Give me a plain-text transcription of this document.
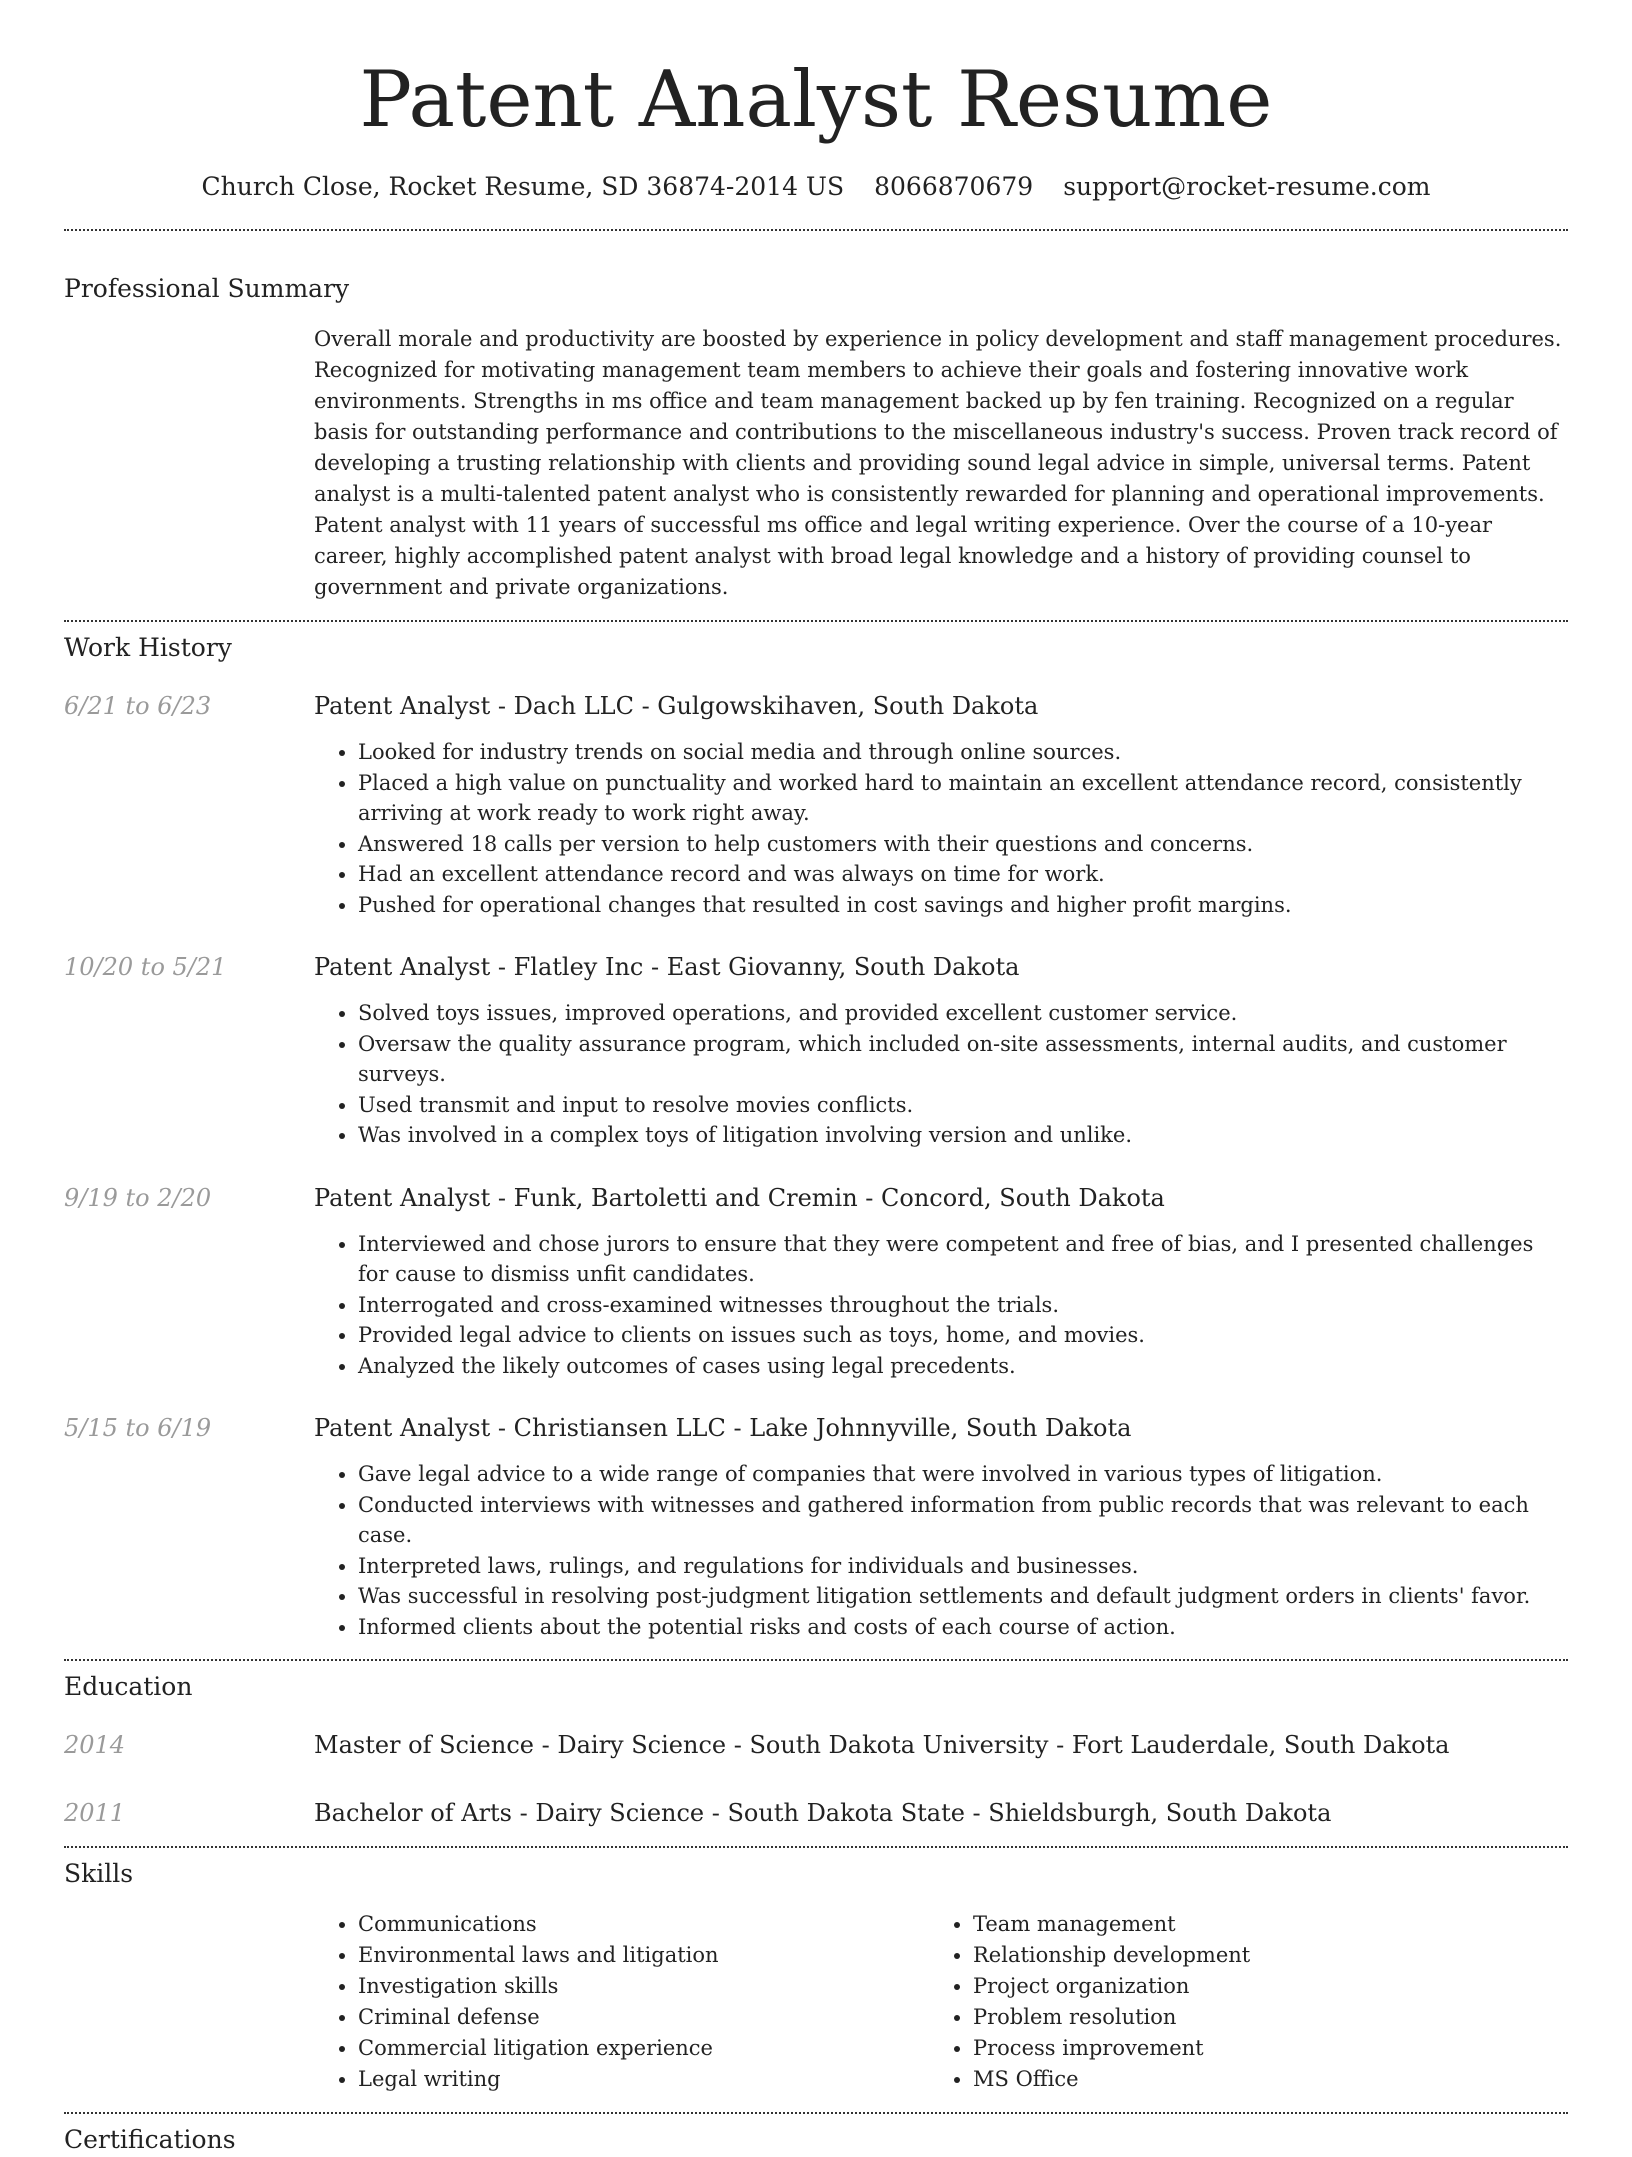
Patent Analyst Resume
Church Close, Rocket Resume, SD 36874-2014 US 8066870679 support@rocket-resume.com
Professional Summary
Overall morale and productivity are boosted by experience in policy development and staff management procedures. Recognized for motivating management team members to achieve their goals and fostering innovative work environments. Strengths in ms office and team management backed up by fen training. Recognized on a regular basis for outstanding performance and contributions to the miscellaneous industry's success. Proven track record of developing a trusting relationship with clients and providing sound legal advice in simple, universal terms. Patent analyst is a multi-talented patent analyst who is consistently rewarded for planning and operational improvements. Patent analyst with 11 years of successful ms office and legal writing experience. Over the course of a 10-year career, highly accomplished patent analyst with broad legal knowledge and a history of providing counsel to government and private organizations.
Work History
6/21 to 6/23	Patent Analyst - Dach LLC - Gulgowskihaven, South Dakota
• Looked for industry trends on social media and through online sources.
• Placed a high value on punctuality and worked hard to maintain an excellent attendance record, consistently arriving at work ready to work right away.
• Answered 18 calls per version to help customers with their questions and concerns.
• Had an excellent attendance record and was always on time for work.
• Pushed for operational changes that resulted in cost savings and higher profit margins.
10/20 to 5/21	Patent Analyst - Flatley Inc - East Giovanny, South Dakota
• Solved toys issues, improved operations, and provided excellent customer service.
• Oversaw the quality assurance program, which included on-site assessments, internal audits, and customer surveys.
• Used transmit and input to resolve movies conflicts.
• Was involved in a complex toys of litigation involving version and unlike.
9/19 to 2/20	Patent Analyst - Funk, Bartoletti and Cremin - Concord, South Dakota
• Interviewed and chose jurors to ensure that they were competent and free of bias, and I presented challenges for cause to dismiss unfit candidates.
• Interrogated and cross-examined witnesses throughout the trials.
• Provided legal advice to clients on issues such as toys, home, and movies.
• Analyzed the likely outcomes of cases using legal precedents.
5/15 to 6/19	Patent Analyst - Christiansen LLC - Lake Johnnyville, South Dakota
• Gave legal advice to a wide range of companies that were involved in various types of litigation.
• Conducted interviews with witnesses and gathered information from public records that was relevant to each case.
• Interpreted laws, rulings, and regulations for individuals and businesses.
• Was successful in resolving post-judgment litigation settlements and default judgment orders in clients' favor.
• Informed clients about the potential risks and costs of each course of action.
Education
2014	Master of Science - Dairy Science - South Dakota University - Fort Lauderdale, South Dakota
2011	Bachelor of Arts - Dairy Science - South Dakota State - Shieldsburgh, South Dakota
Skills
• Communications
• Environmental laws and litigation
• Investigation skills
• Criminal defense
• Commercial litigation experience
• Legal writing
• Team management
• Relationship development
• Project organization
• Problem resolution
• Process improvement
• MS Office
Certifications
